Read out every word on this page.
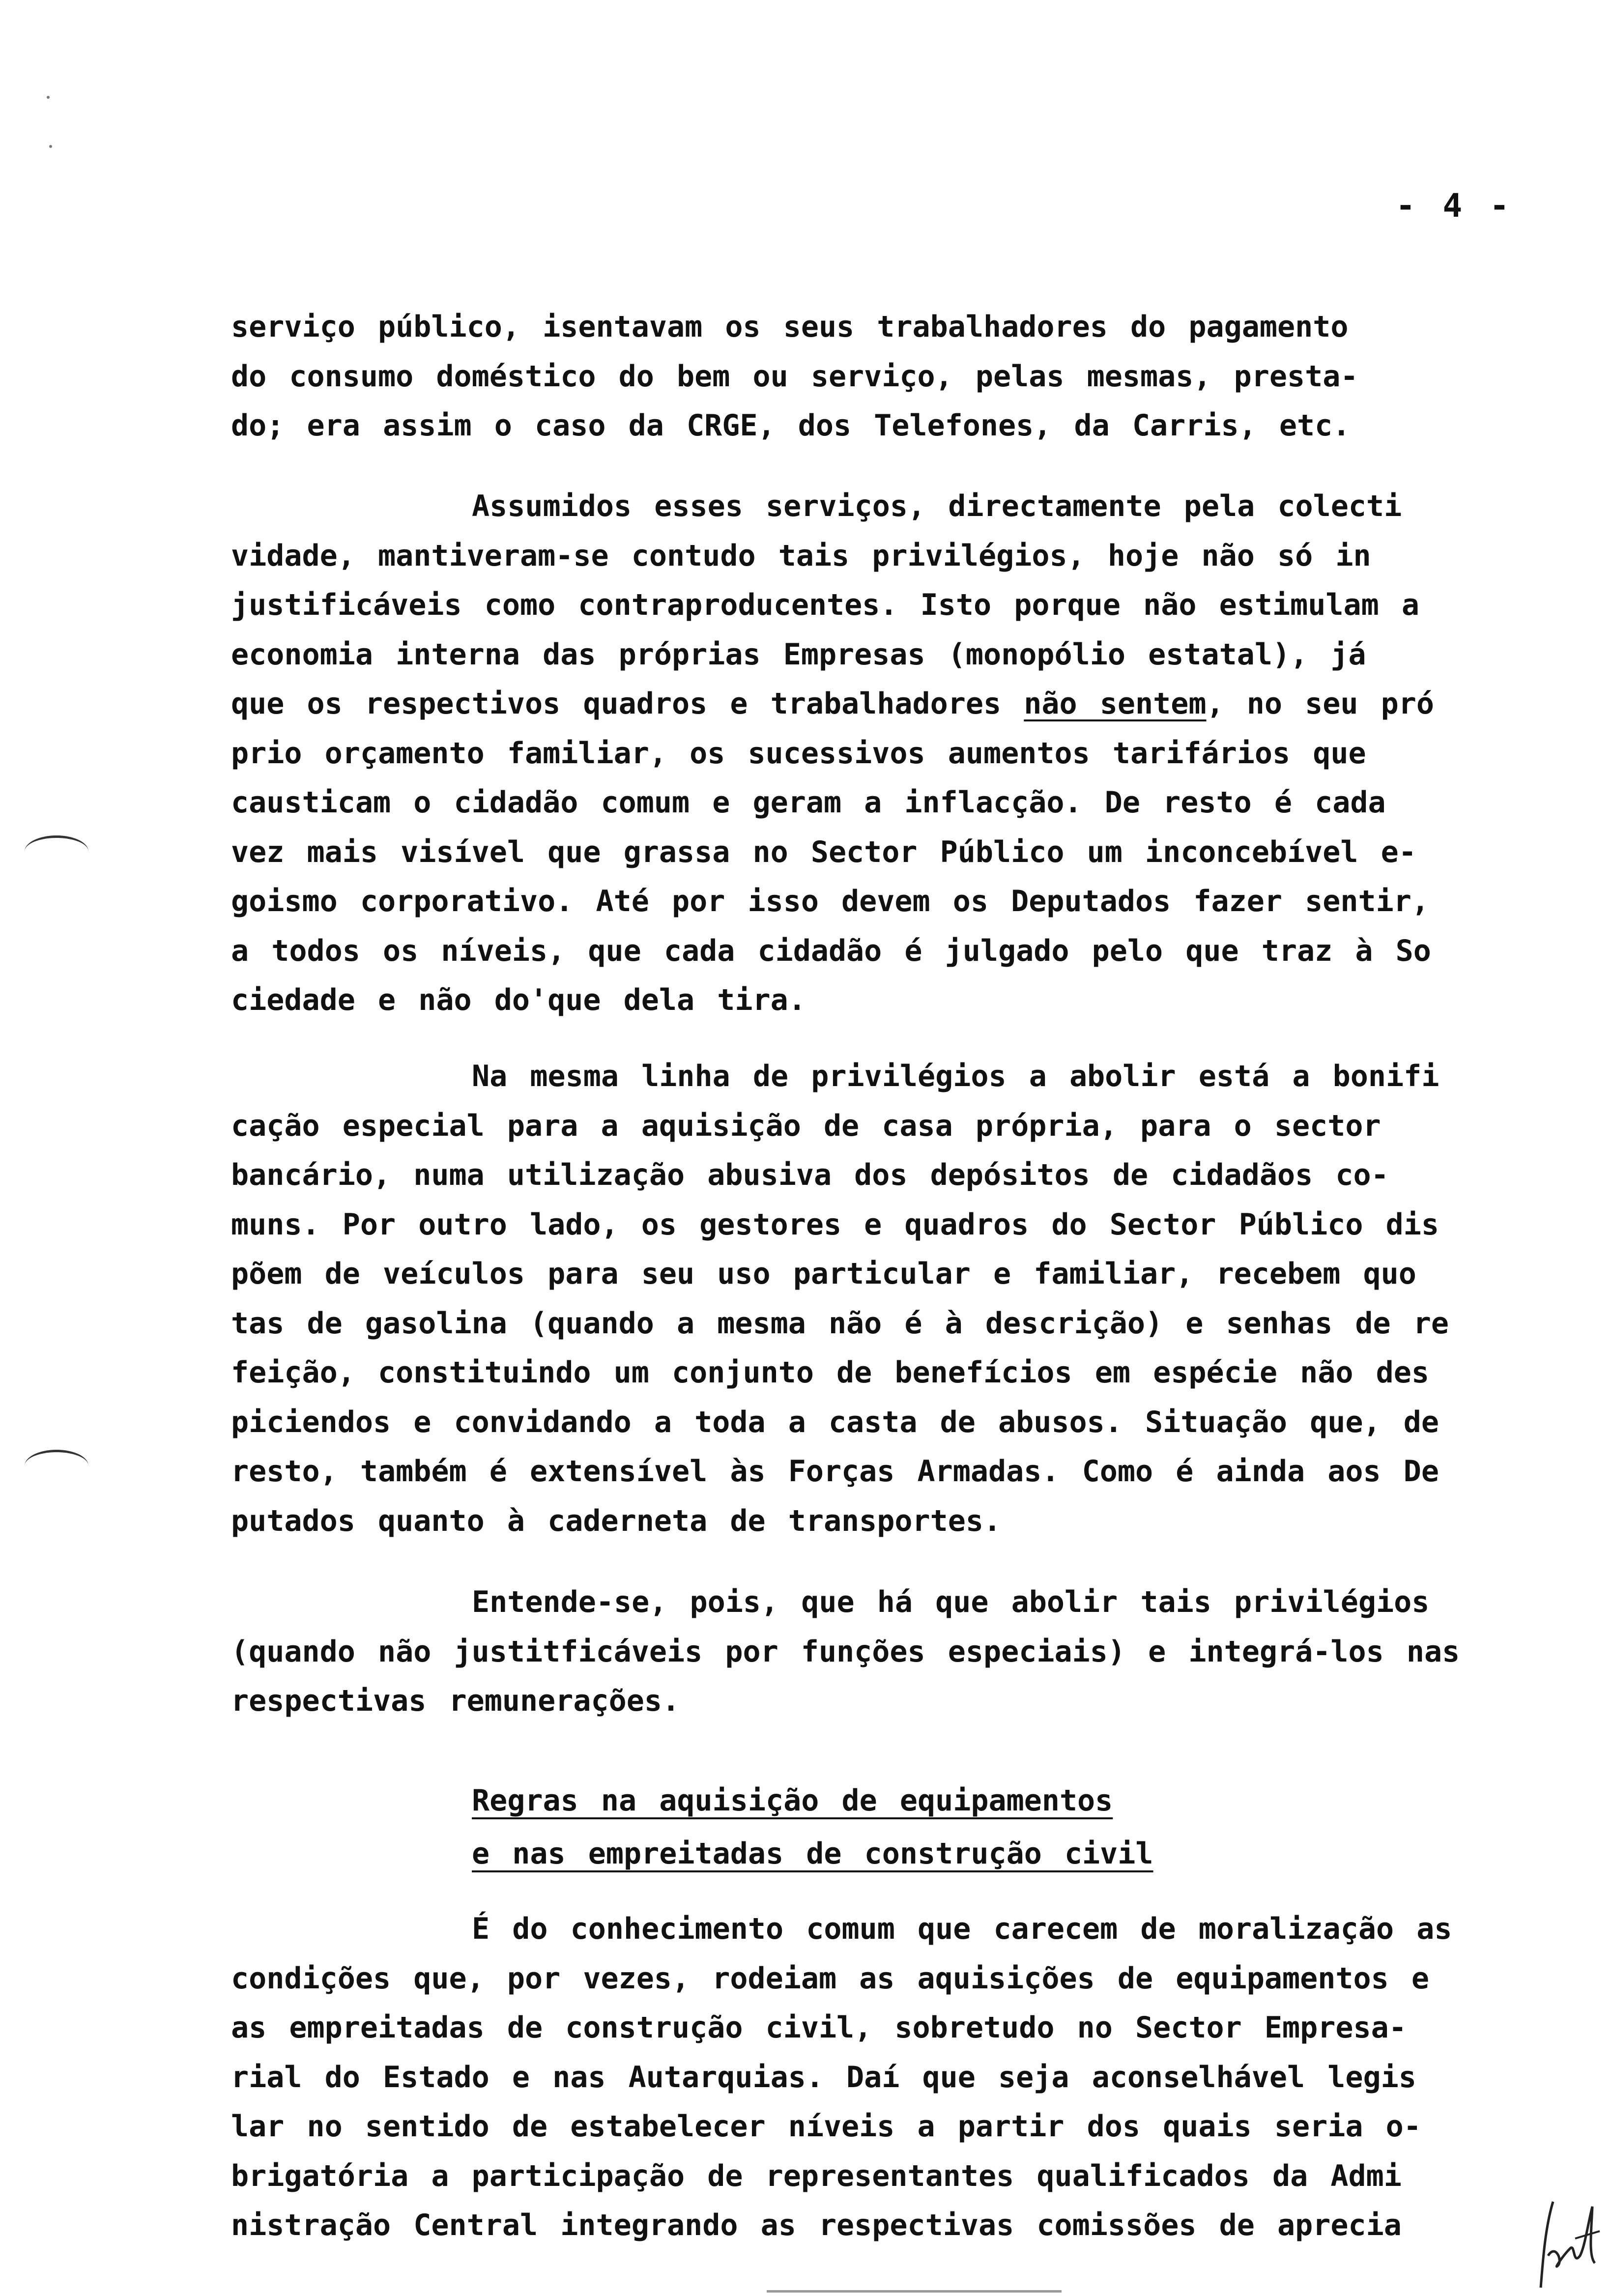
- 4 -
serviço público, isentavam os seus trabalhadores do pagamento
do consumo doméstico do bem ou serviço, pelas mesmas, presta-
do; era assim o caso da CRGE, dos Telefones, da Carris, etc.
Assumidos esses serviços, directamente pela colecti
vidade, mantiveram-se contudo tais privilégios, hoje não só in
justificáveis como contraproducentes. Isto porque não estimulam a
economia interna das próprias Empresas (monopólio estatal), já
que os respectivos quadros e trabalhadores não sentem, no seu pró
prio orçamento familiar, os sucessivos aumentos tarifários que
causticam o cidadão comum e geram a inflacção. De resto é cada
vez mais visível que grassa no Sector Público um inconcebível e-
goismo corporativo. Até por isso devem os Deputados fazer sentir,
a todos os níveis, que cada cidadão é julgado pelo que traz à So
ciedade e não do'que dela tira.
Na mesma linha de privilégios a abolir está a bonifi
cação especial para a aquisição de casa própria, para o sector
bancário, numa utilização abusiva dos depósitos de cidadãos co-
muns. Por outro lado, os gestores e quadros do Sector Público dis
põem de veículos para seu uso particular e familiar, recebem quo
tas de gasolina (quando a mesma não é à descrição) e senhas de re
feição, constituindo um conjunto de benefícios em espécie não des
piciendos e convidando a toda a casta de abusos. Situação que, de
resto, também é extensível às Forças Armadas. Como é ainda aos De
putados quanto à caderneta de transportes.
Entende-se, pois, que há que abolir tais privilégios
(quando não justitficáveis por funções especiais) e integrá-los nas
respectivas remunerações.
Regras na aquisição de equipamentos
e nas empreitadas de construção civil
É do conhecimento comum que carecem de moralização as
condições que, por vezes, rodeiam as aquisições de equipamentos e
as empreitadas de construção civil, sobretudo no Sector Empresa-
rial do Estado e nas Autarquias. Daí que seja aconselhável legis
lar no sentido de estabelecer níveis a partir dos quais seria o-
brigatória a participação de representantes qualificados da Admi
nistração Central integrando as respectivas comissões de aprecia
